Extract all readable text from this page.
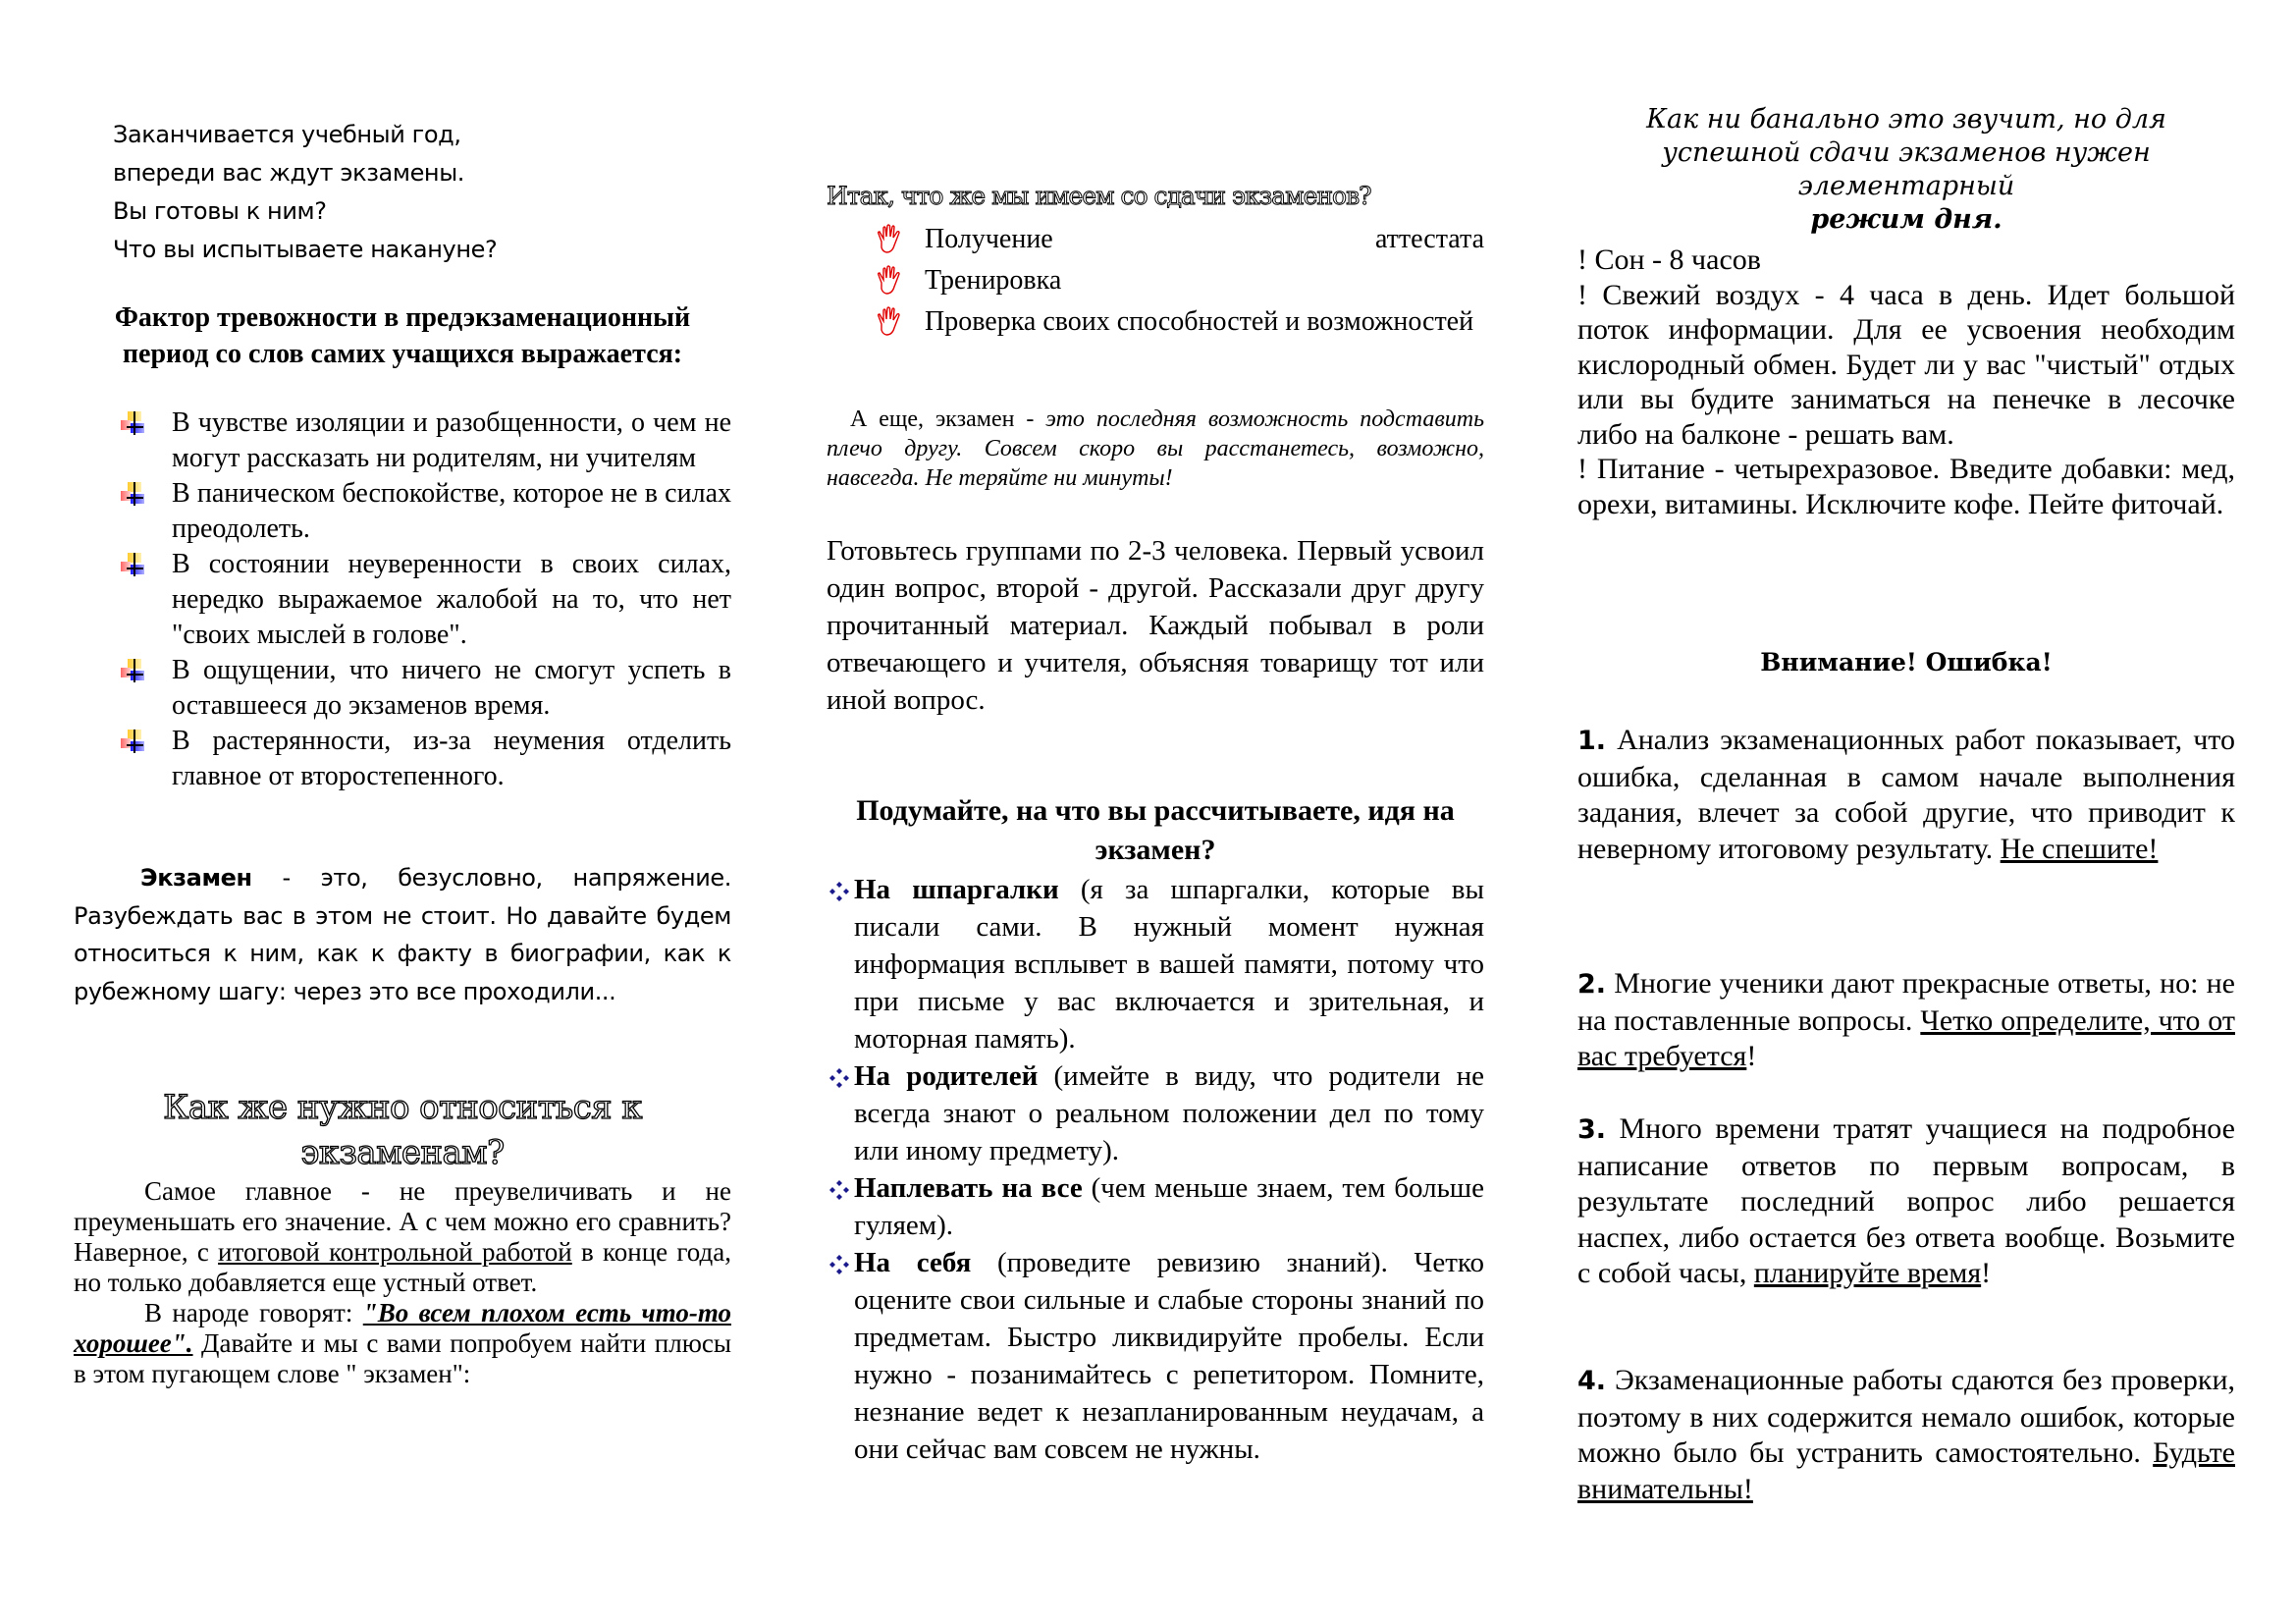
Заканчивается учебный год,
впереди вас ждут экзамены.
Вы готовы к ним?
Что вы испытываете накануне?
Фактор тревожности в предэкзаменационный период со слов самих учащихся выражается:
В чувстве изоляции и разобщенности, о чем не могут рассказать ни родителям, ни учителям
В паническом беспокойстве, которое не в силах преодолеть.
В состоянии неуверенности в своих силах, нередко выражаемое жалобой на то, что нет "своих мыслей в голове".
В ощущении, что ничего не смогут успеть в оставшееся до экзаменов время.
В растерянности, из-за неумения отделить главное от второстепенного.
Экзамен - это, безусловно, напряжение. Разубеждать вас в этом не стоит. Но давайте будем относиться к ним, как к факту в биографии, как к рубежному шагу: через это все проходили...
Как же нужно относиться к экзаменам?

Самое главное - не преувеличивать и не преуменьшать его значение. А с чем можно его сравнить? Наверное, с итоговой контрольной работой в конце года, но только добавляется еще устный ответ.

В народе говорят: "Во всем плохом есть что-то хорошее". Давайте и мы с вами попробуем найти плюсы в этом пугающем слове " экзамен":

Итак, что же мы имеем со сдачи экзаменов?
Получение аттестата
Тренировка
Проверка своих способностей и возможностей
А еще, экзамен - это последняя возможность подставить плечо другу. Совсем скоро вы расстанетесь, возможно, навсегда. Не теряйте ни минуты!
Готовьтесь группами по 2-3 человека. Первый усвоил один вопрос, второй - другой. Рассказали друг другу прочитанный материал. Каждый побывал в роли отвечающего и учителя, объясняя товарищу тот или иной вопрос.
Подумайте, на что вы рассчитываете, идя на экзамен?
На шпаргалки (я за шпаргалки, которые вы писали сами. В нужный момент нужная информация всплывет в вашей памяти, потому что при письме у вас включается и зрительная, и моторная память).
На родителей (имейте в виду, что родители не всегда знают о реальном положении дел по тому или иному предмету).
Наплевать на все (чем меньше знаем, тем больше гуляем).
На себя (проведите ревизию знаний). Четко оцените свои сильные и слабые стороны знаний по предметам. Быстро ликвидируйте пробелы. Если нужно - позанимайтесь с репетитором. Помните, незнание ведет к незапланированным неудачам, а они сейчас вам совсем не нужны.
Как ни банально это звучит, но для
успешной сдачи экзаменов нужен
элементарный
режим дня.

! Сон - 8 часов

! Свежий воздух - 4 часа в день. Идет большой поток информации. Для ее усвоения необходим кислородный обмен. Будет ли у вас "чистый" отдых или вы будите заниматься на пенечке в лесочке либо на балконе - решать вам.

! Питание - четырехразовое. Введите добавки: мед, орехи, витамины. Исключите кофе. Пейте фиточай.

Внимание! Ошибка!
1. Анализ экзаменационных работ показывает, что ошибка, сделанная в самом начале выполнения задания, влечет за собой другие, что приводит к неверному итоговому результату. Не спешите!
2. Многие ученики дают прекрасные ответы, но: не на поставленные вопросы. Четко определите, что от вас требуется!
3. Много времени тратят учащиеся на подробное написание ответов по первым вопросам, в результате последний вопрос либо решается наспех, либо остается без ответа вообще. Возьмите с собой часы, планируйте время!
4. Экзаменационные работы сдаются без проверки, поэтому в них содержится немало ошибок, которые можно было бы устранить самостоятельно. Будьте внимательны!
